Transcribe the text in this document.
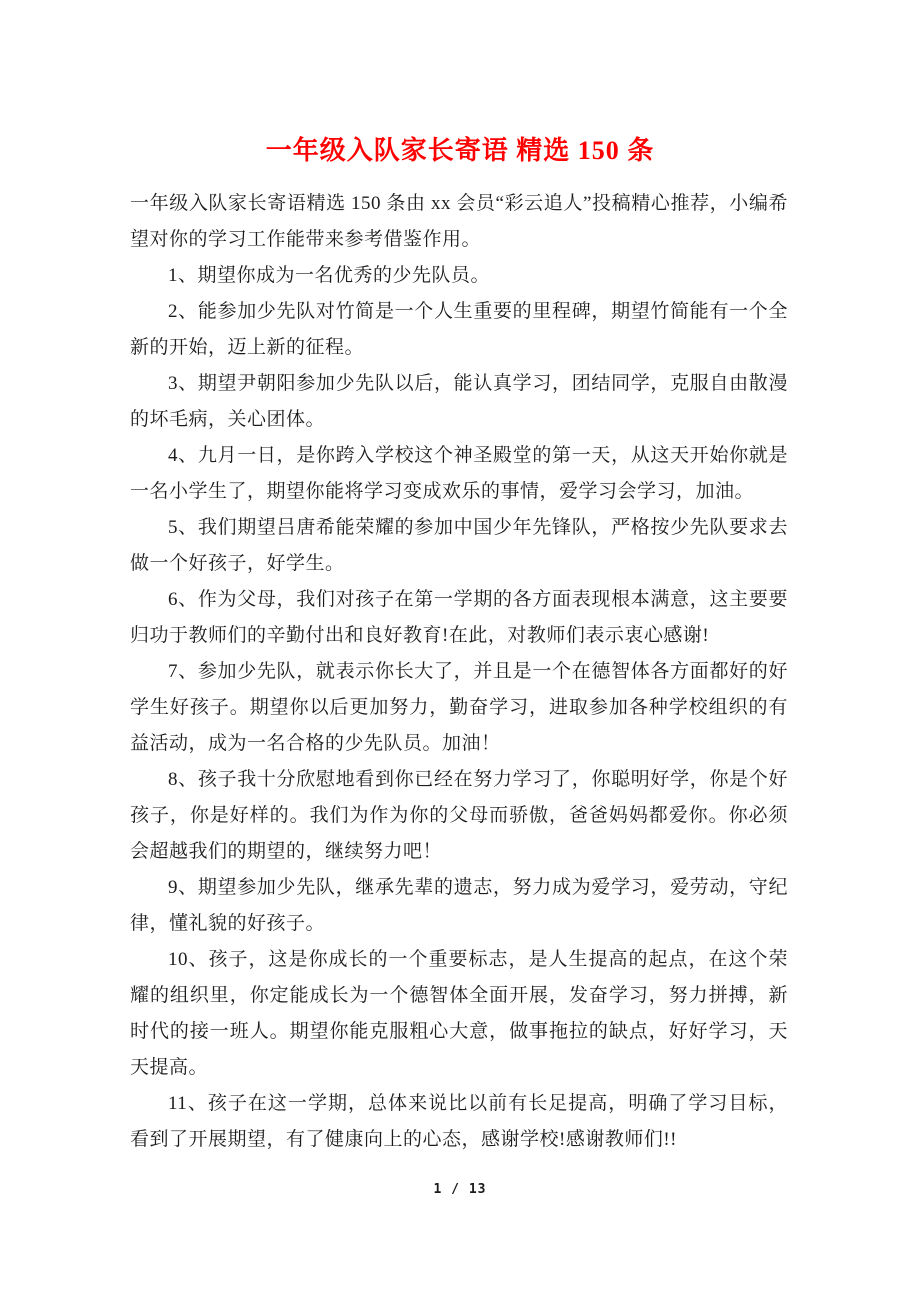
一年级入队家长寄语 精选 150 条

一年级入队家长寄语精选 150 条由 xx 会员“彩云追人”投稿精心推荐，小编希望对你的学习工作能带来参考借鉴作用。

1、期望你成为一名优秀的少先队员。

2、能参加少先队对竹简是一个人生重要的里程碑，期望竹简能有一个全新的开始，迈上新的征程。

3、期望尹朝阳参加少先队以后，能认真学习，团结同学，克服自由散漫的坏毛病，关心团体。

4、九月一日，是你跨入学校这个神圣殿堂的第一天，从这天开始你就是一名小学生了，期望你能将学习变成欢乐的事情，爱学习会学习，加油。

5、我们期望吕唐希能荣耀的参加中国少年先锋队，严格按少先队要求去做一个好孩子，好学生。

6、作为父母，我们对孩子在第一学期的各方面表现根本满意，这主要要归功于教师们的辛勤付出和良好教育!在此，对教师们表示衷心感谢!

7、参加少先队，就表示你长大了，并且是一个在德智体各方面都好的好学生好孩子。期望你以后更加努力，勤奋学习，进取参加各种学校组织的有益活动，成为一名合格的少先队员。加油！

8、孩子我十分欣慰地看到你已经在努力学习了，你聪明好学，你是个好孩子，你是好样的。我们为作为你的父母而骄傲，爸爸妈妈都爱你。你必须会超越我们的期望的，继续努力吧！

9、期望参加少先队，继承先辈的遗志，努力成为爱学习，爱劳动，守纪律，懂礼貌的好孩子。

10、孩子，这是你成长的一个重要标志，是人生提高的起点，在这个荣耀的组织里，你定能成长为一个德智体全面开展，发奋学习，努力拼搏，新时代的接一班人。期望你能克服粗心大意，做事拖拉的缺点，好好学习，天天提高。

11、孩子在这一学期，总体来说比以前有长足提高，明确了学习目标，看到了开展期望，有了健康向上的心态，感谢学校!感谢教师们!!

1 / 13
